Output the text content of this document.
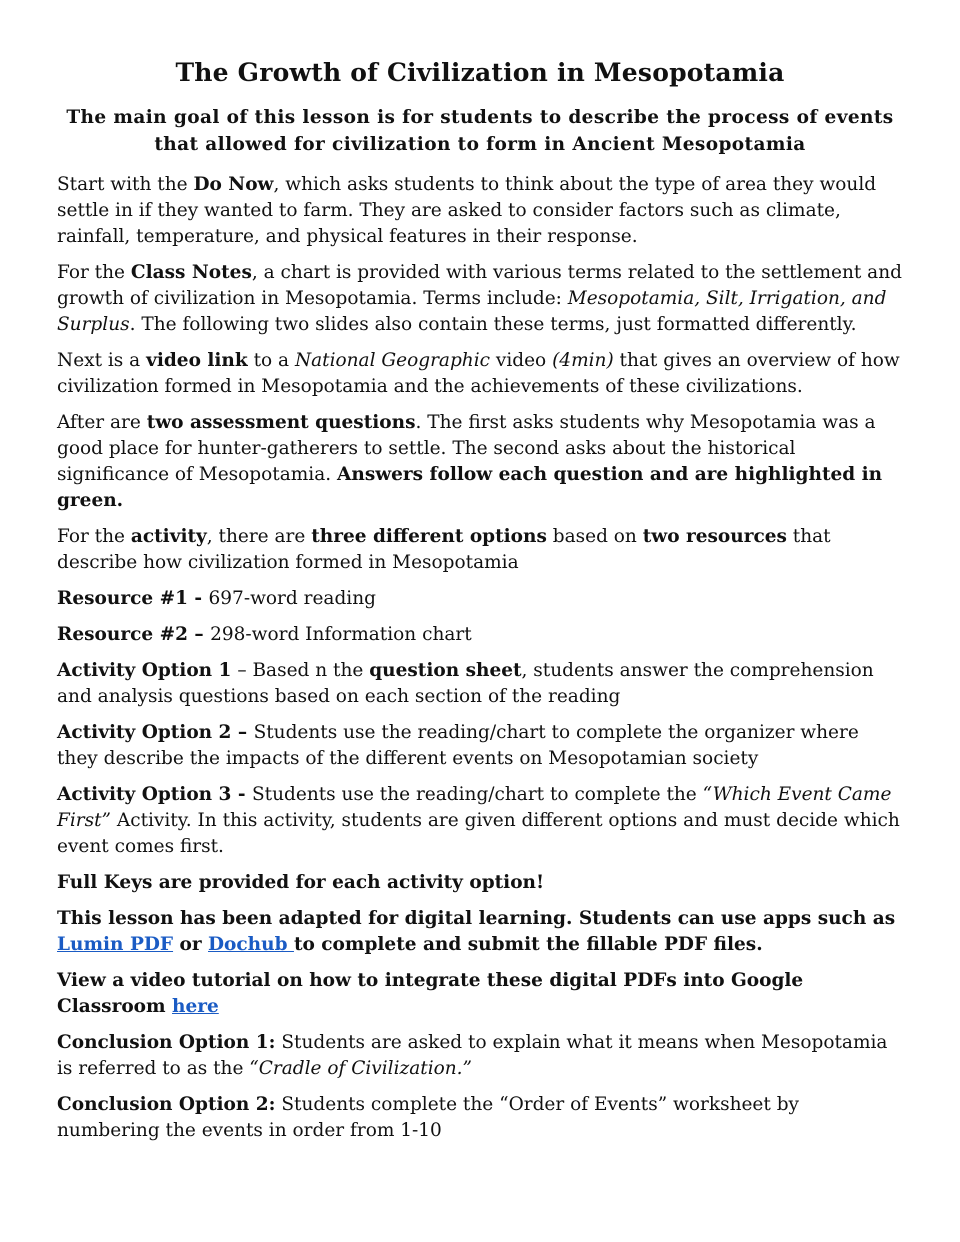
The Growth of Civilization in Mesopotamia
The main goal of this lesson is for students to describe the process of events that allowed for civilization to form in Ancient Mesopotamia

Start with the Do Now, which asks students to think about the type of area they would settle in if they wanted to farm. They are asked to consider factors such as climate, rainfall, temperature, and physical features in their response.

For the Class Notes, a chart is provided with various terms related to the settlement and growth of civilization in Mesopotamia. Terms include: Mesopotamia, Silt, Irrigation, and Surplus. The following two slides also contain these terms, just formatted differently.

Next is a video link to a National Geographic video (4min) that gives an overview of how civilization formed in Mesopotamia and the achievements of these civilizations.

After are two assessment questions. The first asks students why Mesopotamia was a good place for hunter-gatherers to settle. The second asks about the historical significance of Mesopotamia. Answers follow each question and are highlighted in green.

For the activity, there are three different options based on two resources that describe how civilization formed in Mesopotamia

Resource #1 - 697-word reading

Resource #2 – 298-word Information chart

Activity Option 1 – Based n the question sheet, students answer the comprehension and analysis questions based on each section of the reading

Activity Option 2 – Students use the reading/chart to complete the organizer where they describe the impacts of the different events on Mesopotamian society

Activity Option 3 - Students use the reading/chart to complete the “Which Event Came First” Activity. In this activity, students are given different options and must decide which event comes first.

Full Keys are provided for each activity option!

This lesson has been adapted for digital learning. Students can use apps such as Lumin PDF or Dochub to complete and submit the fillable PDF files.

View a video tutorial on how to integrate these digital PDFs into Google Classroom here

Conclusion Option 1: Students are asked to explain what it means when Mesopotamia is referred to as the “Cradle of Civilization.”

Conclusion Option 2: Students complete the “Order of Events” worksheet by numbering the events in order from 1-10
